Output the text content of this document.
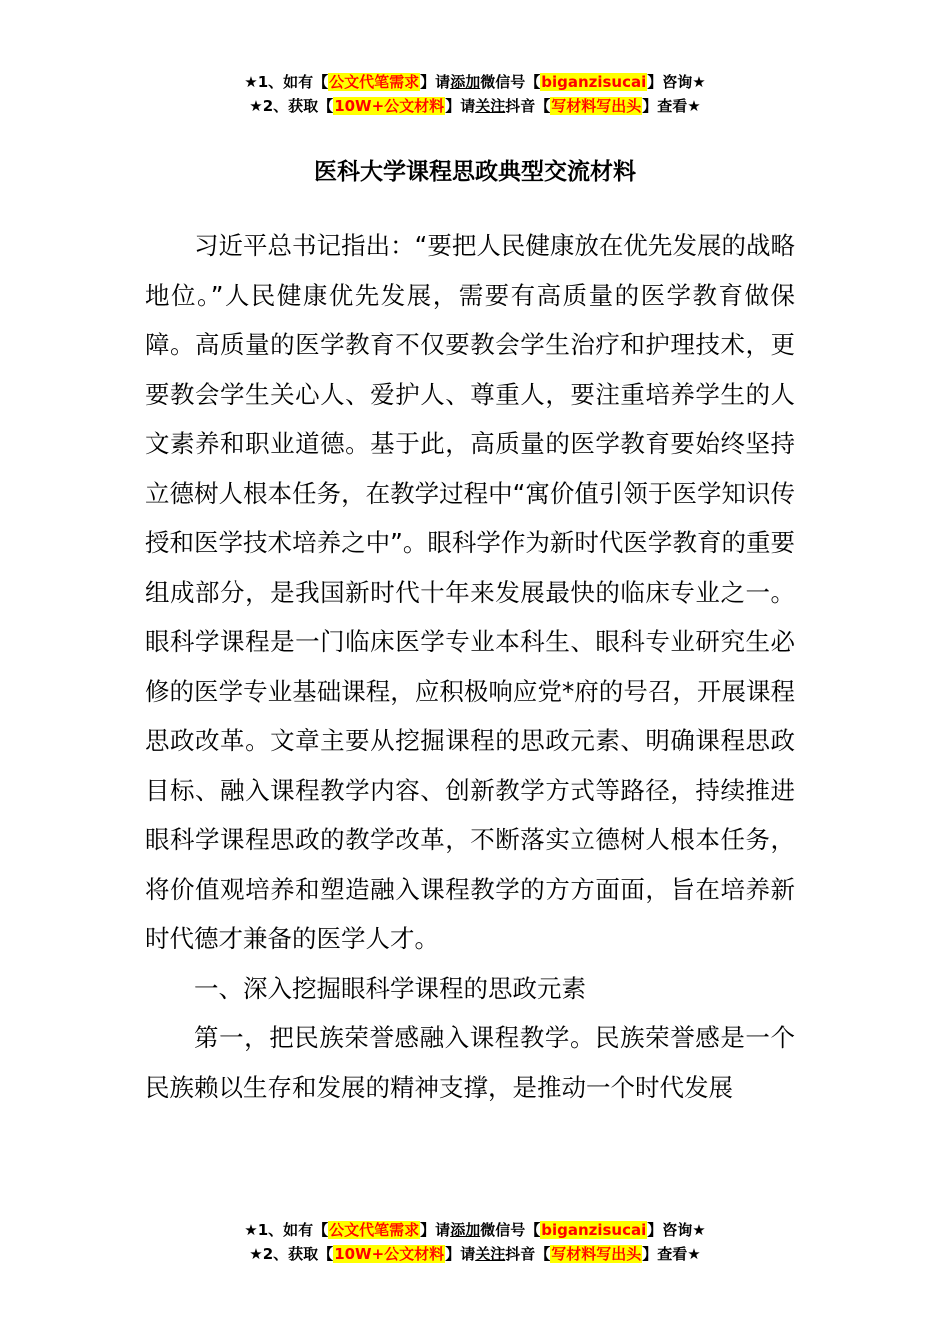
★1、如有【公文代笔需求】请添加微信号【biganzisucai】咨询★
★2、获取【10W+公文材料】请关注抖音【写材料写出头】查看★
医科大学课程思政典型交流材料

习近平总书记指出：“要把人民健康放在优先发展的战略地位。”人民健康优先发展，需要有高质量的医学教育做保障。高质量的医学教育不仅要教会学生治疗和护理技术，更要教会学生关心人、爱护人、尊重人，要注重培养学生的人文素养和职业道德。基于此，高质量的医学教育要始终坚持立德树人根本任务，在教学过程中“寓价值引领于医学知识传授和医学技术培养之中”。眼科学作为新时代医学教育的重要组成部分，是我国新时代十年来发展最快的临床专业之一。眼科学课程是一门临床医学专业本科生、眼科专业研究生必修的医学专业基础课程，应积极响应党*府的号召，开展课程思政改革。文章主要从挖掘课程的思政元素、明确课程思政目标、融入课程教学内容、创新教学方式等路径，持续推进眼科学课程思政的教学改革，不断落实立德树人根本任务，将价值观培养和塑造融入课程教学的方方面面，旨在培养新时代德才兼备的医学人才。

一、深入挖掘眼科学课程的思政元素

第一，把民族荣誉感融入课程教学。民族荣誉感是一个民族赖以生存和发展的精神支撑，是推动一个时代发展

★1、如有【公文代笔需求】请添加微信号【biganzisucai】咨询★
★2、获取【10W+公文材料】请关注抖音【写材料写出头】查看★
